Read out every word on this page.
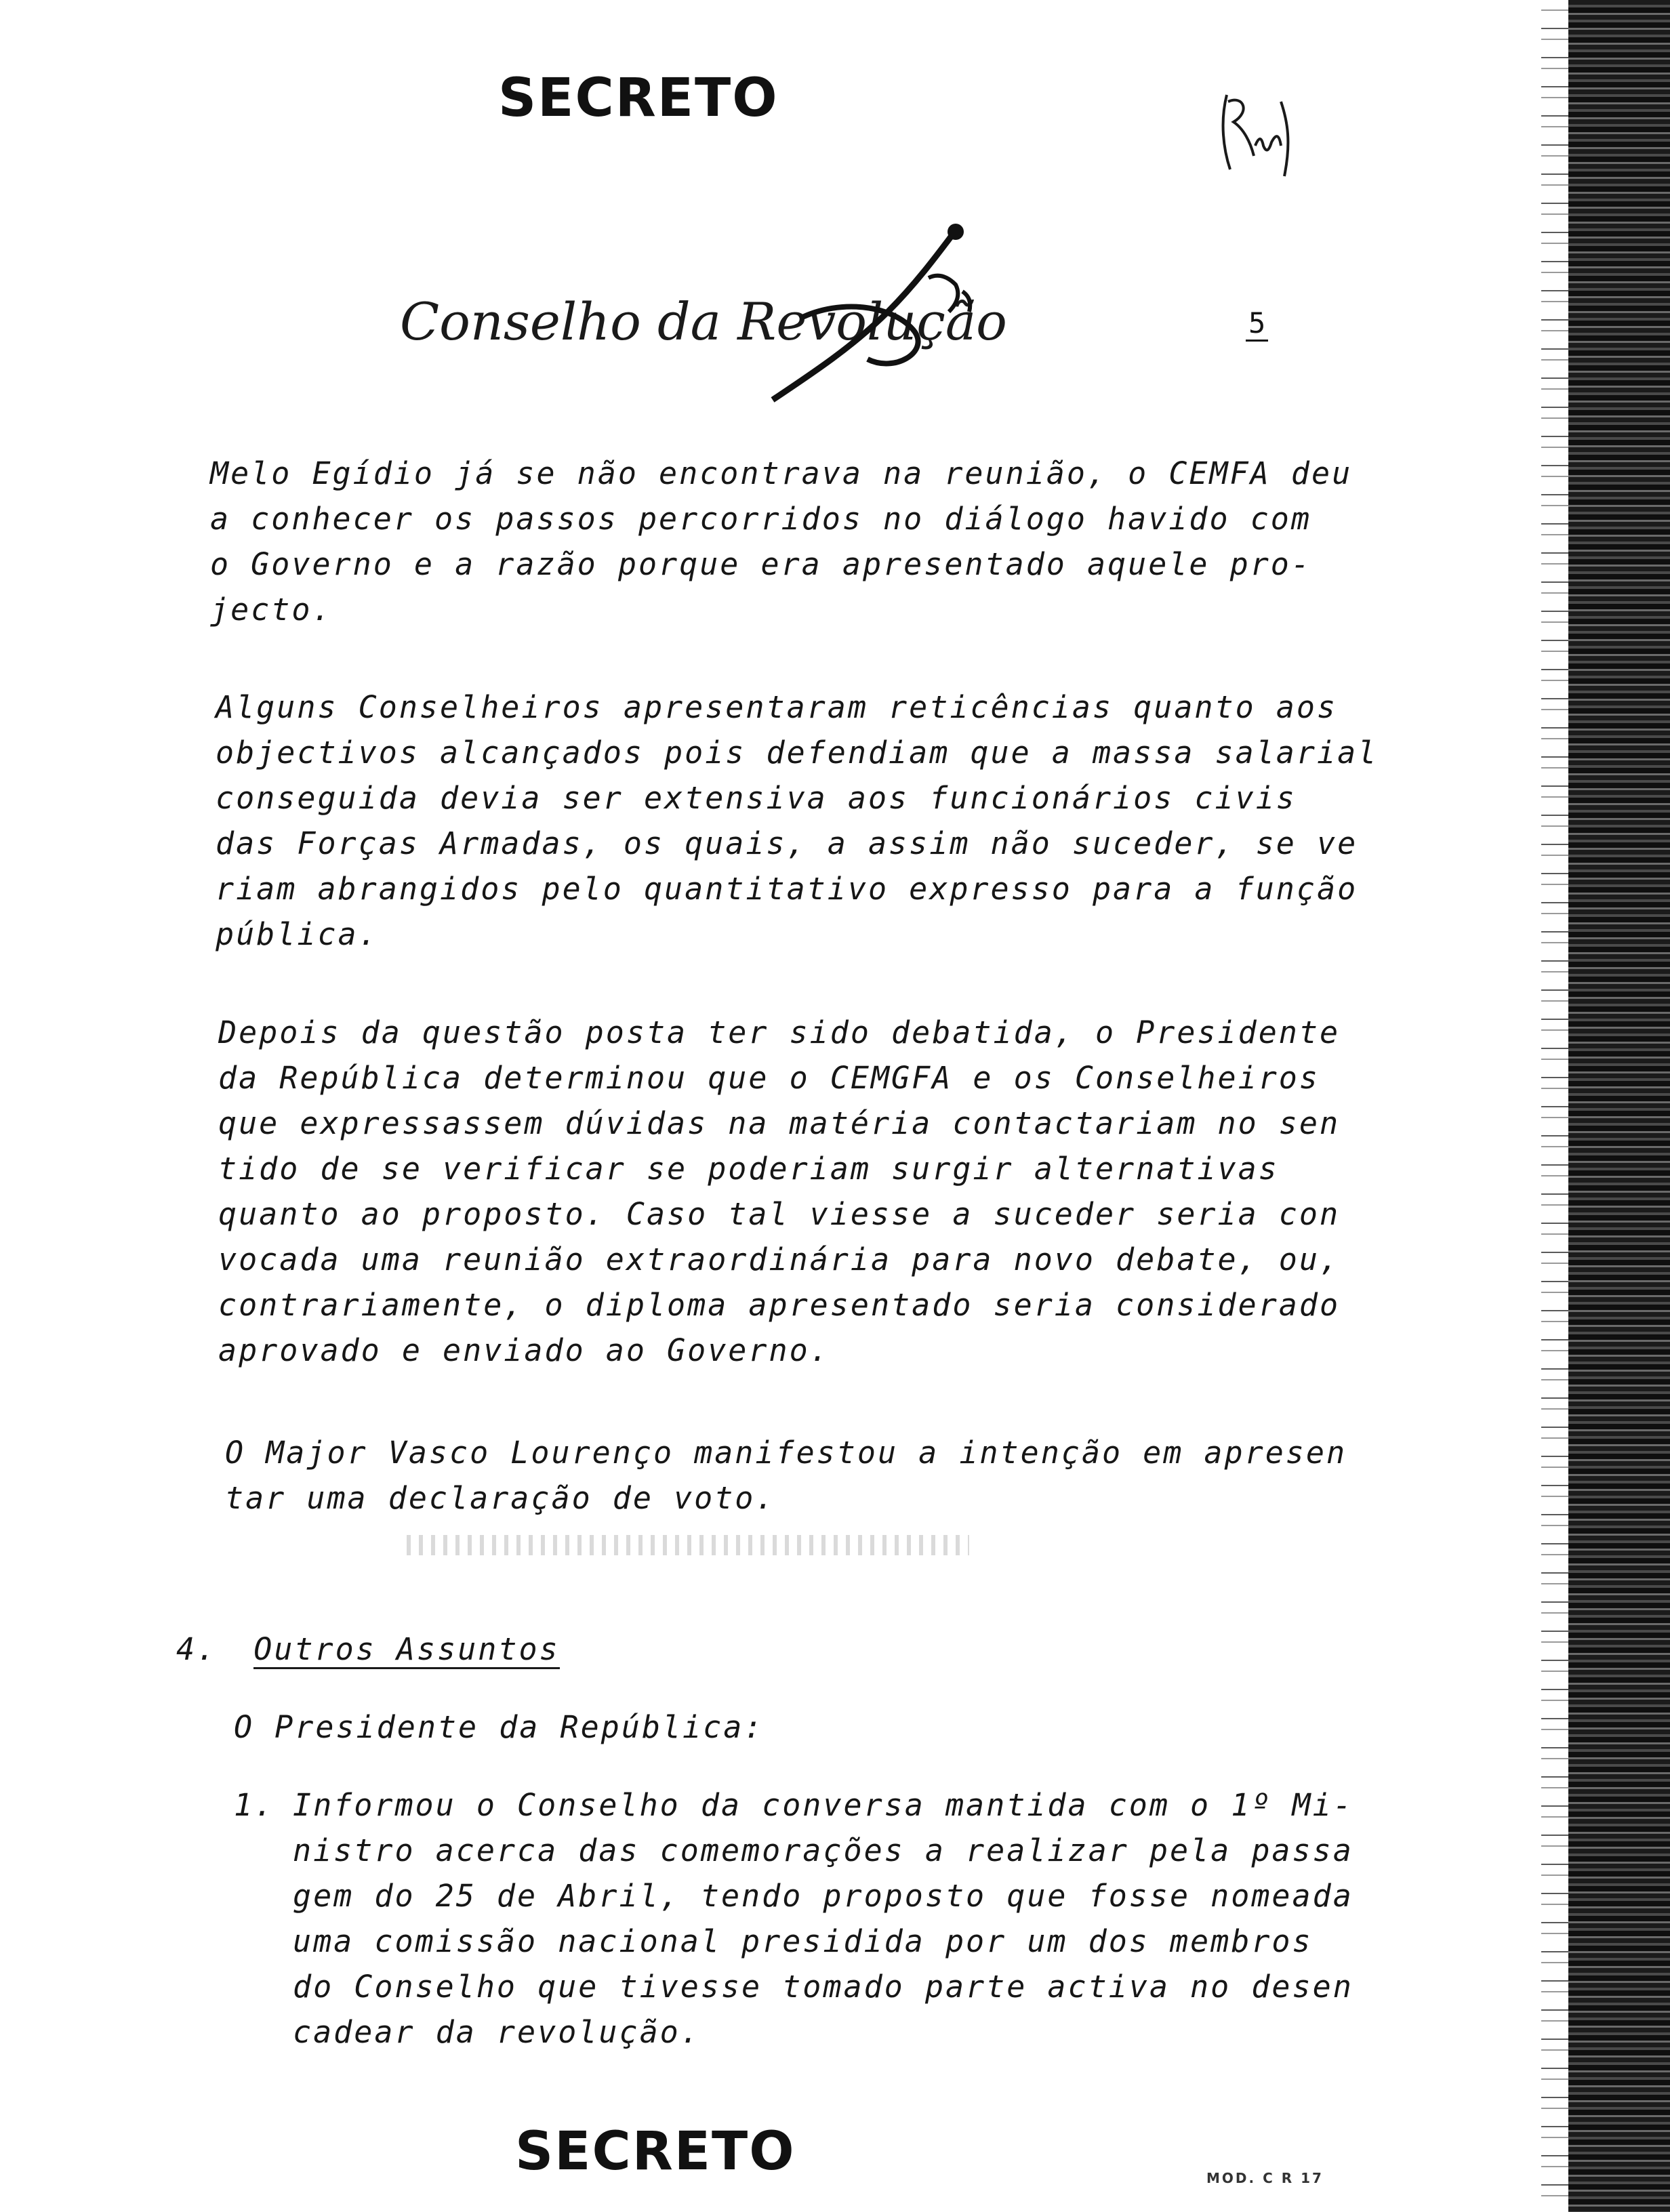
SECRETO
Conselho da Revolução	5
Melo Egídio já se não encontrava na reunião, o CEMFA deu
a conhecer os passos percorridos no diálogo havido com
o Governo e a razão porque era apresentado aquele pro-
jecto.
Alguns Conselheiros apresentaram reticências quanto aos
objectivos alcançados pois defendiam que a massa salarial
conseguida devia ser extensiva aos funcionários civis
das Forças Armadas, os quais, a assim não suceder, se ve
riam abrangidos pelo quantitativo expresso para a função
pública.
Depois da questão posta ter sido debatida, o Presidente
da República determinou que o CEMGFA e os Conselheiros
que expressassem dúvidas na matéria contactariam no sen
tido de se verificar se poderiam surgir alternativas
quanto ao proposto. Caso tal viesse a suceder seria con
vocada uma reunião extraordinária para novo debate, ou,
contrariamente, o diploma apresentado seria considerado
aprovado e enviado ao Governo.
O Major Vasco Lourenço manifestou a intenção em apresen
tar uma declaração de voto.
4. Outros Assuntos
O Presidente da República:
1. Informou o Conselho da conversa mantida com o 1º Mi-
nistro acerca das comemorações a realizar pela passa
gem do 25 de Abril, tendo proposto que fosse nomeada
uma comissão nacional presidida por um dos membros
do Conselho que tivesse tomado parte activa no desen
cadear da revolução.
SECRETO	MOD. C R 17
